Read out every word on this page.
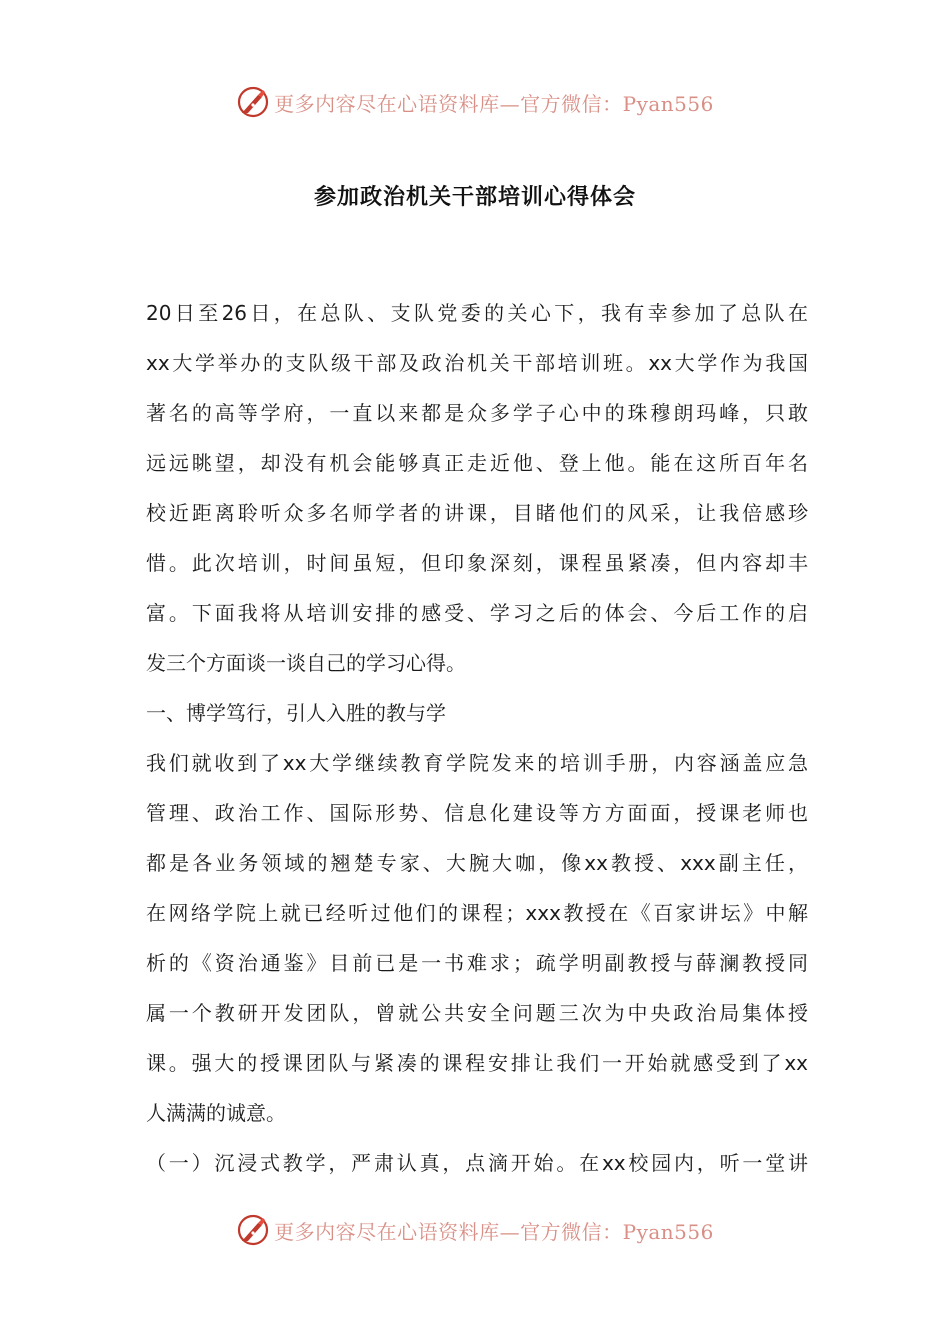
更多内容尽在心语资料库—官方微信：Pyan556
参加政治机关干部培训心得体会
20日至26日，在总队、支队党委的关心下，我有幸参加了总队在
xx大学举办的支队级干部及政治机关干部培训班。xx大学作为我国
著名的高等学府，一直以来都是众多学子心中的珠穆朗玛峰，只敢
远远眺望，却没有机会能够真正走近他、登上他。能在这所百年名
校近距离聆听众多名师学者的讲课，目睹他们的风采，让我倍感珍
惜。此次培训，时间虽短，但印象深刻，课程虽紧凑，但内容却丰
富。下面我将从培训安排的感受、学习之后的体会、今后工作的启
发三个方面谈一谈自己的学习心得。
一、博学笃行，引人入胜的教与学
我们就收到了xx大学继续教育学院发来的培训手册，内容涵盖应急
管理、政治工作、国际形势、信息化建设等方方面面，授课老师也
都是各业务领域的翘楚专家、大腕大咖，像xx教授、xxx副主任，
在网络学院上就已经听过他们的课程；xxx教授在《百家讲坛》中解
析的《资治通鉴》目前已是一书难求；疏学明副教授与薛澜教授同
属一个教研开发团队，曾就公共安全问题三次为中央政治局集体授
课。强大的授课团队与紧凑的课程安排让我们一开始就感受到了xx
人满满的诚意。
（一）沉浸式教学，严肃认真，点滴开始。在xx校园内，听一堂讲
更多内容尽在心语资料库—官方微信：Pyan556
